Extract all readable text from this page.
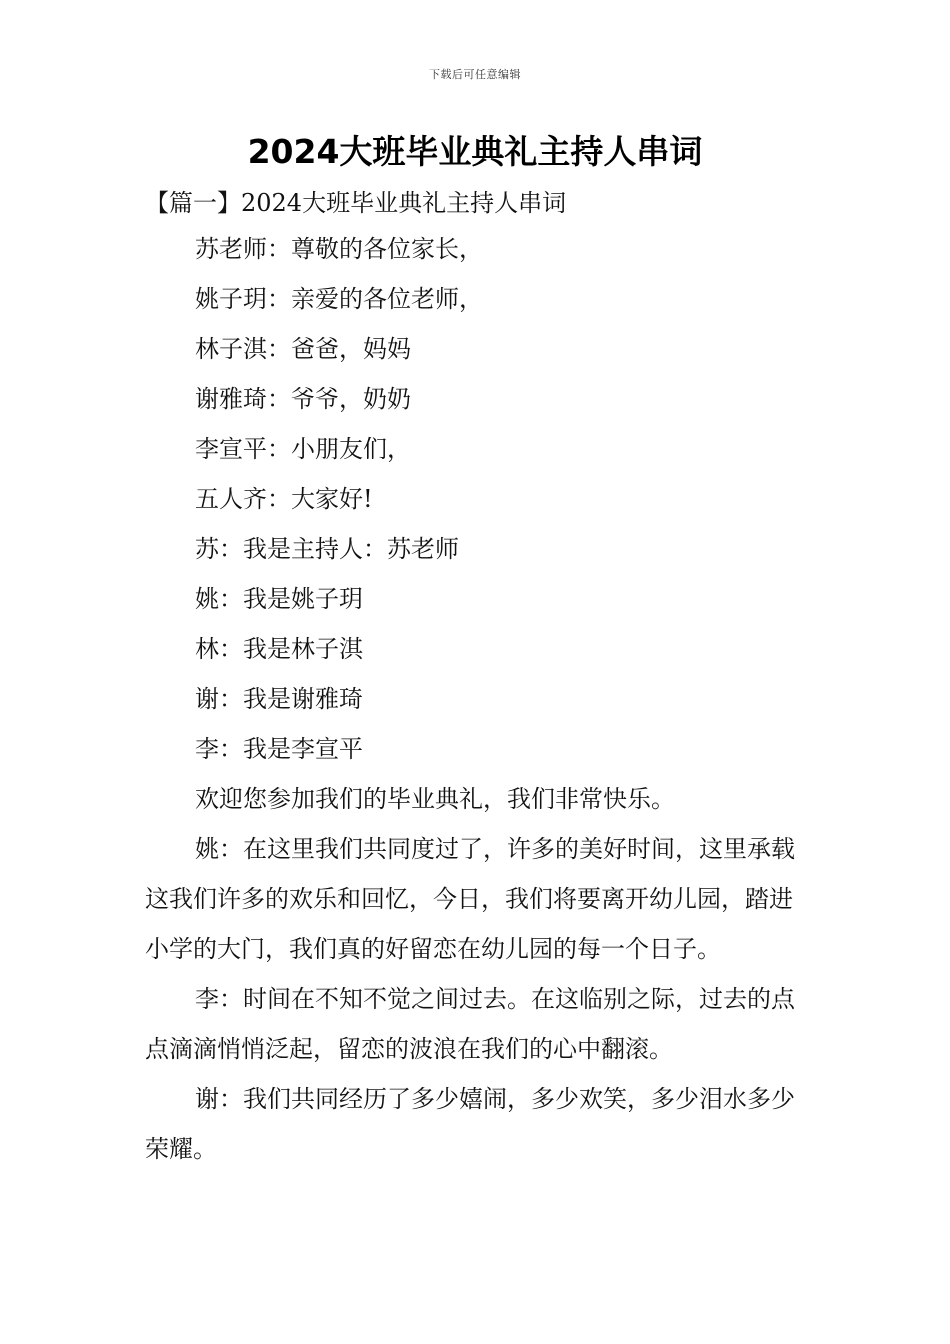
下载后可任意编辑
2024大班毕业典礼主持人串词
【篇一】2024大班毕业典礼主持人串词

苏老师：尊敬的各位家长，

姚子玥：亲爱的各位老师，

林子淇：爸爸，妈妈

谢雅琦：爷爷，奶奶

李宣平：小朋友们，

五人齐：大家好!

苏：我是主持人：苏老师

姚：我是姚子玥

林：我是林子淇

谢：我是谢雅琦

李：我是李宣平

欢迎您参加我们的毕业典礼，我们非常快乐。

姚：在这里我们共同度过了，许多的美好时间，这里承载这我们许多的欢乐和回忆，今日，我们将要离开幼儿园，踏进小学的大门，我们真的好留恋在幼儿园的每一个日子。

李：时间在不知不觉之间过去。在这临别之际，过去的点点滴滴悄悄泛起，留恋的波浪在我们的心中翻滚。

谢：我们共同经历了多少嬉闹，多少欢笑，多少泪水多少荣耀。
